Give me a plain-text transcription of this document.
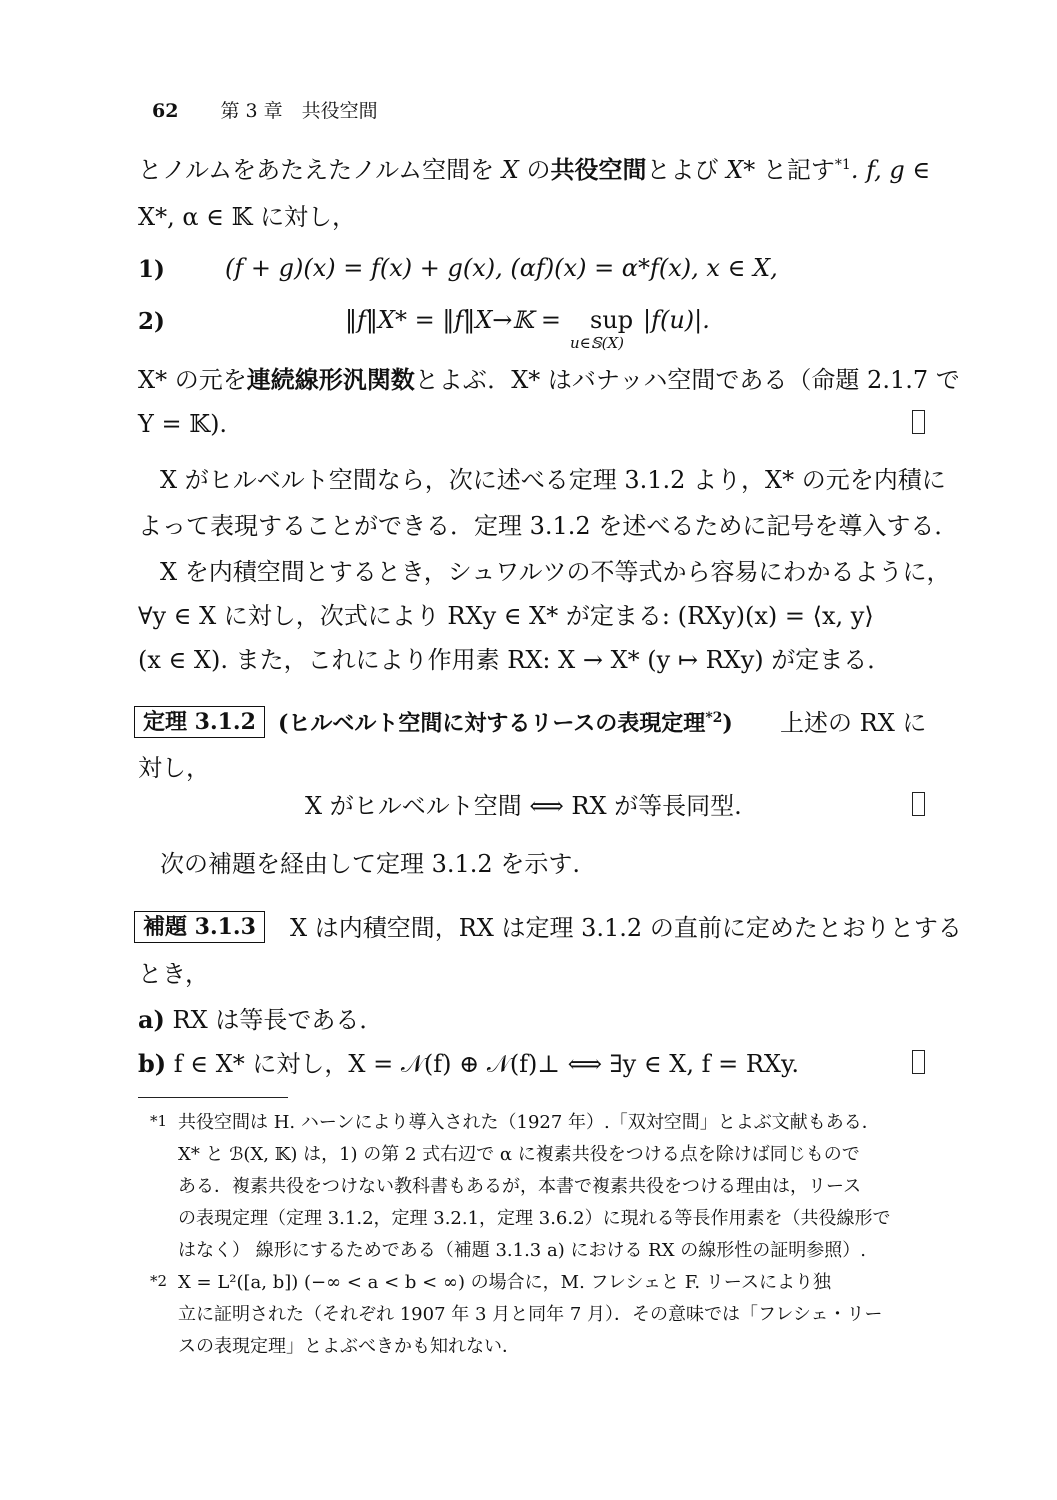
62 第 3 章　共役空間
とノルムをあたえたノルム空間を X の共役空間とよび X* と記す$^{*1}$. f, g ∈
X*, α ∈ 𝕂 に対し，
1)	(f + g)(x) = f(x) + g(x), (αf)(x) = α*f(x), x ∈ X,
2)	‖f‖X* = ‖f‖X→𝕂 = sup
u∈𝕊(X)
|f(u)|.
X* の元を連続線形汎関数とよぶ．X* はバナッハ空間である（命題 2.1.7 で
Y = 𝕂).
X がヒルベルト空間なら，次に述べる定理 3.1.2 より，X* の元を内積に
よって表現することができる．定理 3.1.2 を述べるために記号を導入する．
X を内積空間とするとき，シュワルツの不等式から容易にわかるように，
∀y ∈ X に対し，次式により RXy ∈ X* が定まる: (RXy)(x) = ⟨x, y⟩
(x ∈ X). また，これにより作用素 RX: X → X* (y ↦ RXy) が定まる．
定理 3.1.2	(ヒルベルト空間に対するリースの表現定理$^{*2}$) 上述の RX に
対し，
X がヒルベルト空間 ⟺ RX が等長同型.
次の補題を経由して定理 3.1.2 を示す.
補題 3.1.3	X は内積空間，RX は定理 3.1.2 の直前に定めたとおりとする
とき，
a) RX は等長である．
b) f ∈ X* に対し，X = 𝒩(f) ⊕ 𝒩(f)⊥ ⟺ ∃y ∈ X, f = RXy.
*1 共役空間は H. ハーンにより導入された（1927 年）.「双対空間」とよぶ文献もある．
X* と ℬ(X, 𝕂) は，1) の第 2 式右辺で α に複素共役をつける点を除けば同じもので
ある．複素共役をつけない教科書もあるが，本書で複素共役をつける理由は，リース
の表現定理（定理 3.1.2，定理 3.2.1，定理 3.6.2）に現れる等長作用素を（共役線形で
はなく） 線形にするためである（補題 3.1.3 a) における RX の線形性の証明参照）.
*2 X = L²([a, b]) (−∞ < a < b < ∞) の場合に，M. フレシェと F. リースにより独
立に証明された（それぞれ 1907 年 3 月と同年 7 月）．その意味では「フレシェ・リー
スの表現定理」とよぶべきかも知れない．
